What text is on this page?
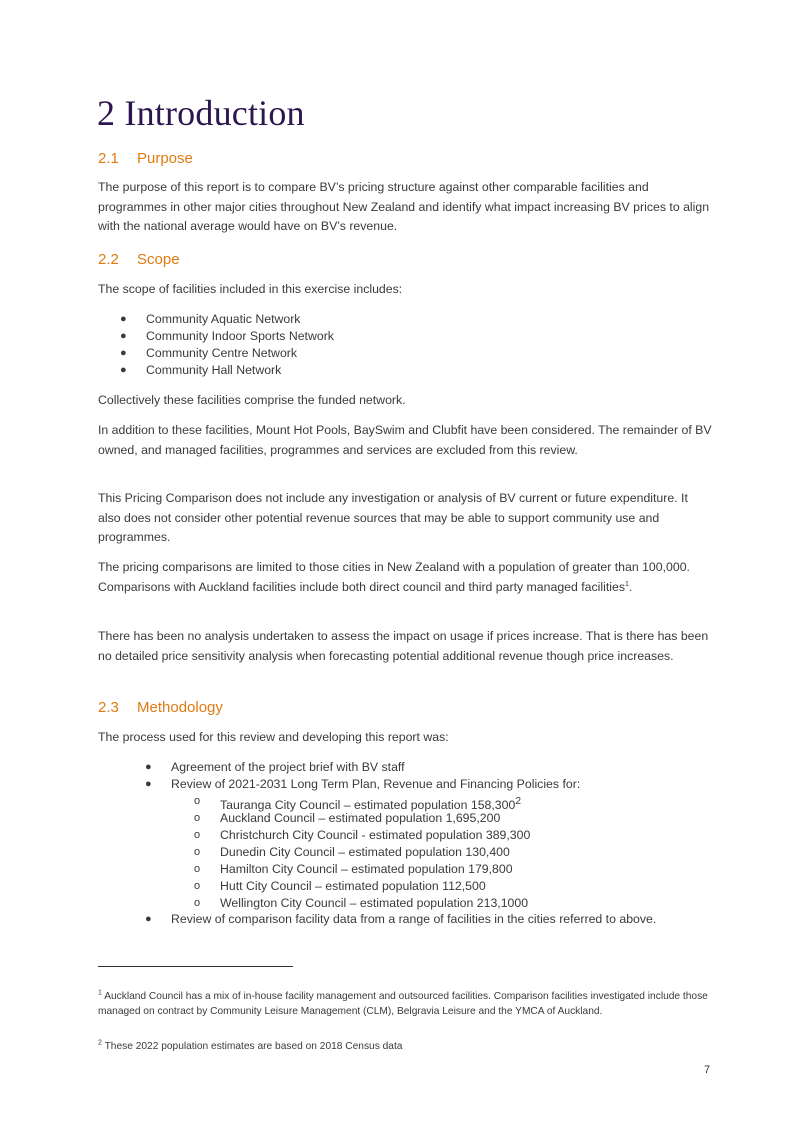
2 Introduction
2.1 Purpose

The purpose of this report is to compare BV’s pricing structure against other comparable facilities and programmes in other major cities throughout New Zealand and identify what impact increasing BV prices to align with the national average would have on BV’s revenue.

2.2 Scope

The scope of facilities included in this exercise includes:

● Community Aquatic Network
● Community Indoor Sports Network
● Community Centre Network
● Community Hall Network

Collectively these facilities comprise the funded network.

In addition to these facilities, Mount Hot Pools, BaySwim and Clubfit have been considered. The remainder of BV owned, and managed facilities, programmes and services are excluded from this review.

This Pricing Comparison does not include any investigation or analysis of BV current or future expenditure. It also does not consider other potential revenue sources that may be able to support community use and programmes.

The pricing comparisons are limited to those cities in New Zealand with a population of greater than 100,000. Comparisons with Auckland facilities include both direct council and third party managed facilities$^1$.

There has been no analysis undertaken to assess the impact on usage if prices increase. That is there has been no detailed price sensitivity analysis when forecasting potential additional revenue though price increases.

2.3 Methodology

The process used for this review and developing this report was:

● Agreement of the project brief with BV staff
● Review of 2021-2031 Long Term Plan, Revenue and Financing Policies for:
o Tauranga City Council – estimated population 158,300$^2$
o Auckland Council – estimated population 1,695,200
o Christchurch City Council - estimated population 389,300
o Dunedin City Council – estimated population 130,400
o Hamilton City Council – estimated population 179,800
o Hutt City Council – estimated population 112,500
o Wellington City Council – estimated population 213,1000
● Review of comparison facility data from a range of facilities in the cities referred to above.

$^1$ Auckland Council has a mix of in-house facility management and outsourced facilities. Comparison facilities investigated include those managed on contract by Community Leisure Management (CLM), Belgravia Leisure and the YMCA of Auckland.

$^2$ These 2022 population estimates are based on 2018 Census data

7
